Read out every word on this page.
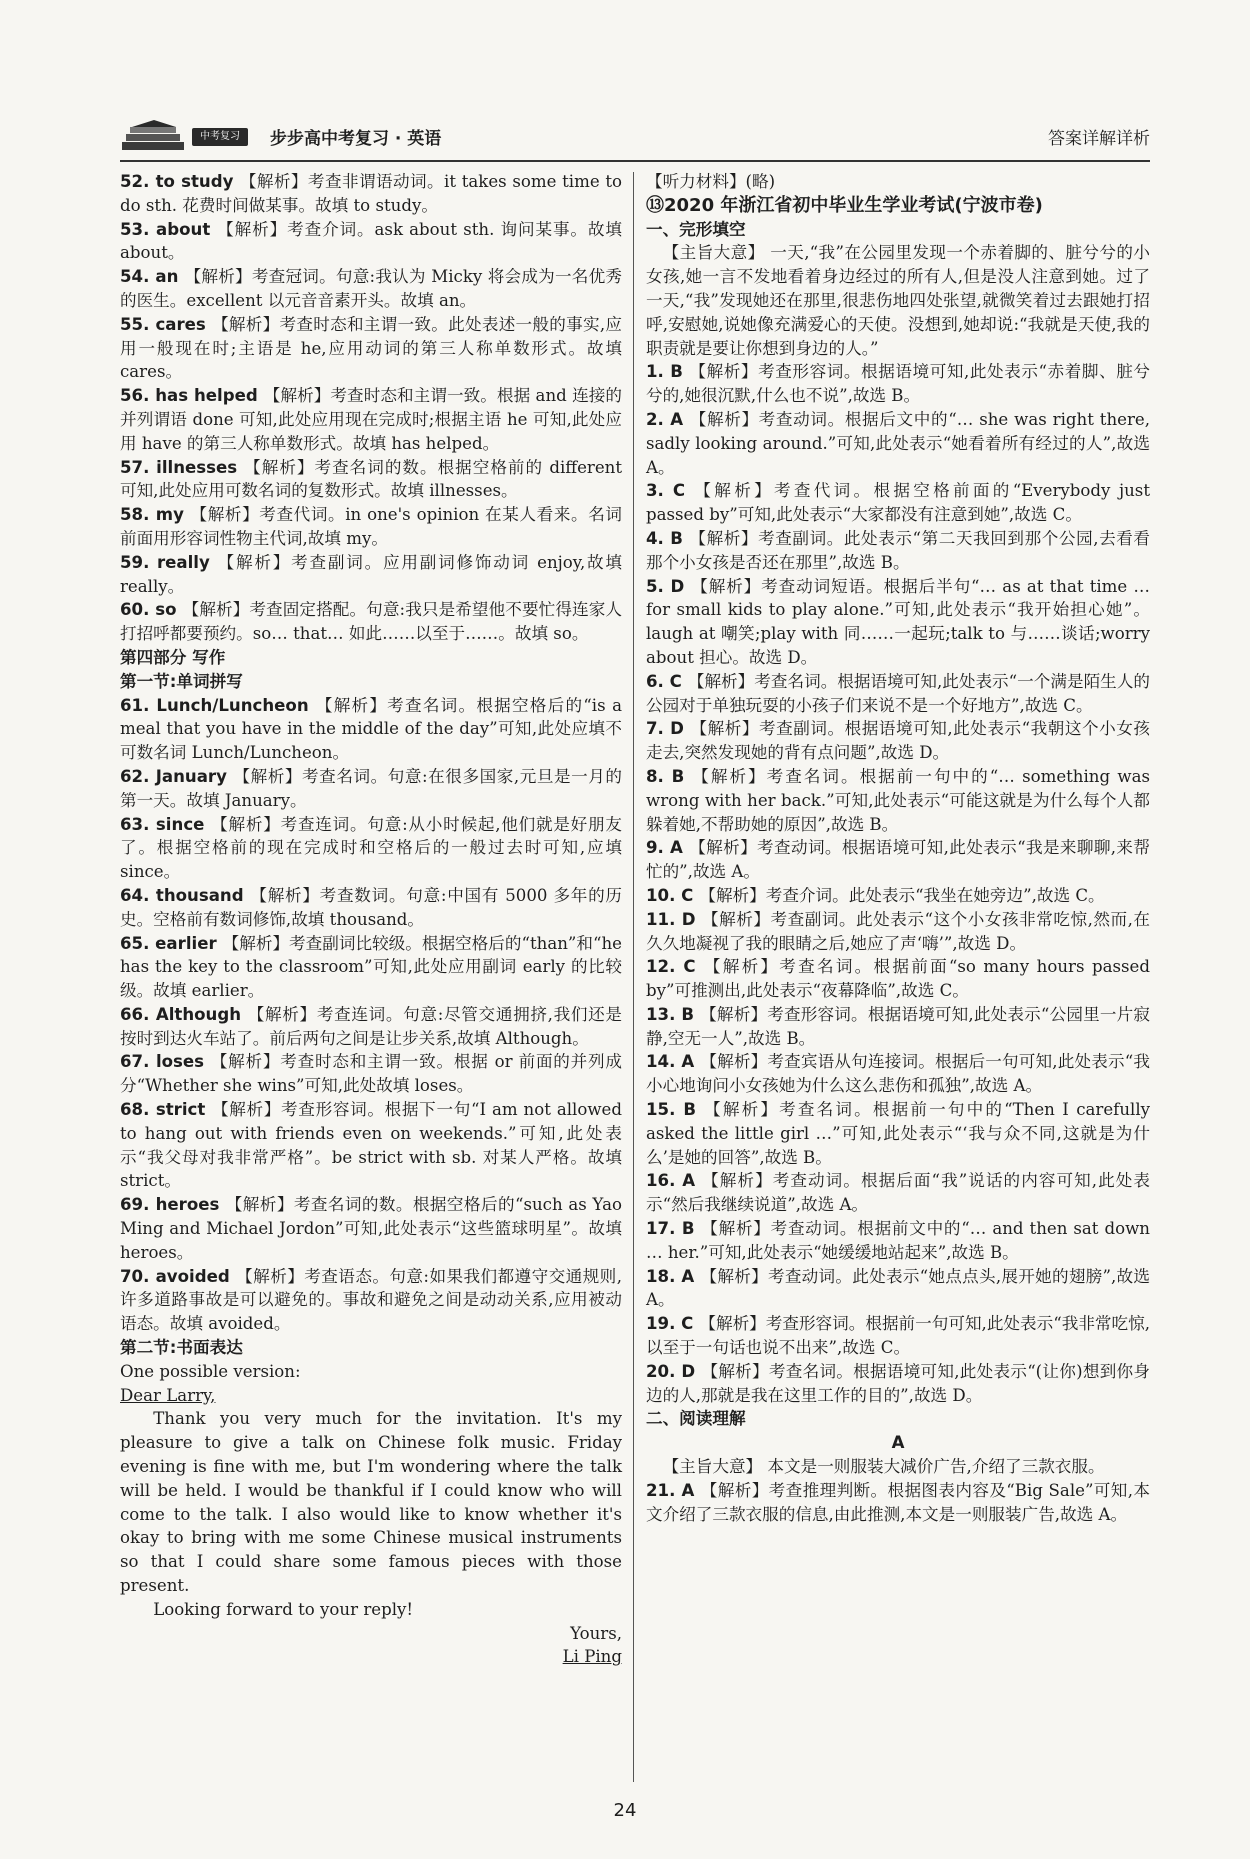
中考复习	步步高中考复习 · 英语	答案详解详析

52. to study 【解析】考查非谓语动词。it takes some time to do sth. 花费时间做某事。故填 to study。

53. about 【解析】考查介词。ask about sth. 询问某事。故填 about。

54. an 【解析】考查冠词。句意:我认为 Micky 将会成为一名优秀的医生。excellent 以元音音素开头。故填 an。

55. cares 【解析】考查时态和主谓一致。此处表述一般的事实,应用一般现在时;主语是 he,应用动词的第三人称单数形式。故填 cares。

56. has helped 【解析】考查时态和主谓一致。根据 and 连接的并列谓语 done 可知,此处应用现在完成时;根据主语 he 可知,此处应用 have 的第三人称单数形式。故填 has helped。

57. illnesses 【解析】考查名词的数。根据空格前的 different 可知,此处应用可数名词的复数形式。故填 illnesses。

58. my 【解析】考查代词。in one's opinion 在某人看来。名词前面用形容词性物主代词,故填 my。

59. really 【解析】考查副词。应用副词修饰动词 enjoy,故填 really。

60. so 【解析】考查固定搭配。句意:我只是希望他不要忙得连家人打招呼都要预约。so… that… 如此……以至于……。故填 so。

第四部分 写作

第一节:单词拼写

61. Lunch/Luncheon 【解析】考查名词。根据空格后的“is a meal that you have in the middle of the day”可知,此处应填不可数名词 Lunch/Luncheon。

62. January 【解析】考查名词。句意:在很多国家,元旦是一月的第一天。故填 January。

63. since 【解析】考查连词。句意:从小时候起,他们就是好朋友了。根据空格前的现在完成时和空格后的一般过去时可知,应填 since。

64. thousand 【解析】考查数词。句意:中国有 5000 多年的历史。空格前有数词修饰,故填 thousand。

65. earlier 【解析】考查副词比较级。根据空格后的“than”和“he has the key to the classroom”可知,此处应用副词 early 的比较级。故填 earlier。

66. Although 【解析】考查连词。句意:尽管交通拥挤,我们还是按时到达火车站了。前后两句之间是让步关系,故填 Although。

67. loses 【解析】考查时态和主谓一致。根据 or 前面的并列成分“Whether she wins”可知,此处故填 loses。

68. strict 【解析】考查形容词。根据下一句“I am not allowed to hang out with friends even on weekends.”可知,此处表示“我父母对我非常严格”。be strict with sb. 对某人严格。故填 strict。

69. heroes 【解析】考查名词的数。根据空格后的“such as Yao Ming and Michael Jordon”可知,此处表示“这些篮球明星”。故填 heroes。

70. avoided 【解析】考查语态。句意:如果我们都遵守交通规则,许多道路事故是可以避免的。事故和避免之间是动动关系,应用被动语态。故填 avoided。

第二节:书面表达

One possible version:

Dear Larry,

Thank you very much for the invitation. It's my pleasure to give a talk on Chinese folk music. Friday evening is fine with me, but I'm wondering where the talk will be held. I would be thankful if I could know who will come to the talk. I also would like to know whether it's okay to bring with me some Chinese musical instruments so that I could share some famous pieces with those present.

Looking forward to your reply!

Yours,

Li Ping

【听力材料】(略)

⑬2020 年浙江省初中毕业生学业考试(宁波市卷)

一、完形填空

【主旨大意】 一天,“我”在公园里发现一个赤着脚的、脏兮兮的小女孩,她一言不发地看着身边经过的所有人,但是没人注意到她。过了一天,“我”发现她还在那里,很悲伤地四处张望,就微笑着过去跟她打招呼,安慰她,说她像充满爱心的天使。没想到,她却说:“我就是天使,我的职责就是要让你想到身边的人。”

1. B 【解析】考查形容词。根据语境可知,此处表示“赤着脚、脏兮兮的,她很沉默,什么也不说”,故选 B。

2. A 【解析】考查动词。根据后文中的“… she was right there, sadly looking around.”可知,此处表示“她看着所有经过的人”,故选 A。

3. C 【解析】考查代词。根据空格前面的“Everybody just passed by”可知,此处表示“大家都没有注意到她”,故选 C。

4. B 【解析】考查副词。此处表示“第二天我回到那个公园,去看看那个小女孩是否还在那里”,故选 B。

5. D 【解析】考查动词短语。根据后半句“… as at that time … for small kids to play alone.”可知,此处表示“我开始担心她”。laugh at 嘲笑;play with 同……一起玩;talk to 与……谈话;worry about 担心。故选 D。

6. C 【解析】考查名词。根据语境可知,此处表示“一个满是陌生人的公园对于单独玩耍的小孩子们来说不是一个好地方”,故选 C。

7. D 【解析】考查副词。根据语境可知,此处表示“我朝这个小女孩走去,突然发现她的背有点问题”,故选 D。

8. B 【解析】考查名词。根据前一句中的“… something was wrong with her back.”可知,此处表示“可能这就是为什么每个人都躲着她,不帮助她的原因”,故选 B。

9. A 【解析】考查动词。根据语境可知,此处表示“我是来聊聊,来帮忙的”,故选 A。

10. C 【解析】考查介词。此处表示“我坐在她旁边”,故选 C。

11. D 【解析】考查副词。此处表示“这个小女孩非常吃惊,然而,在久久地凝视了我的眼睛之后,她应了声‘嗨’”,故选 D。

12. C 【解析】考查名词。根据前面“so many hours passed by”可推测出,此处表示“夜幕降临”,故选 C。

13. B 【解析】考查形容词。根据语境可知,此处表示“公园里一片寂静,空无一人”,故选 B。

14. A 【解析】考查宾语从句连接词。根据后一句可知,此处表示“我小心地询问小女孩她为什么这么悲伤和孤独”,故选 A。

15. B 【解析】考查名词。根据前一句中的“Then I carefully asked the little girl …”可知,此处表示“‘我与众不同,这就是为什么’是她的回答”,故选 B。

16. A 【解析】考查动词。根据后面“我”说话的内容可知,此处表示“然后我继续说道”,故选 A。

17. B 【解析】考查动词。根据前文中的“… and then sat down … her.”可知,此处表示“她缓缓地站起来”,故选 B。

18. A 【解析】考查动词。此处表示“她点点头,展开她的翅膀”,故选 A。

19. C 【解析】考查形容词。根据前一句可知,此处表示“我非常吃惊,以至于一句话也说不出来”,故选 C。

20. D 【解析】考查名词。根据语境可知,此处表示“(让你)想到你身边的人,那就是我在这里工作的目的”,故选 D。

二、阅读理解

A

【主旨大意】 本文是一则服装大减价广告,介绍了三款衣服。

21. A 【解析】考查推理判断。根据图表内容及“Big Sale”可知,本文介绍了三款衣服的信息,由此推测,本文是一则服装广告,故选 A。

24
